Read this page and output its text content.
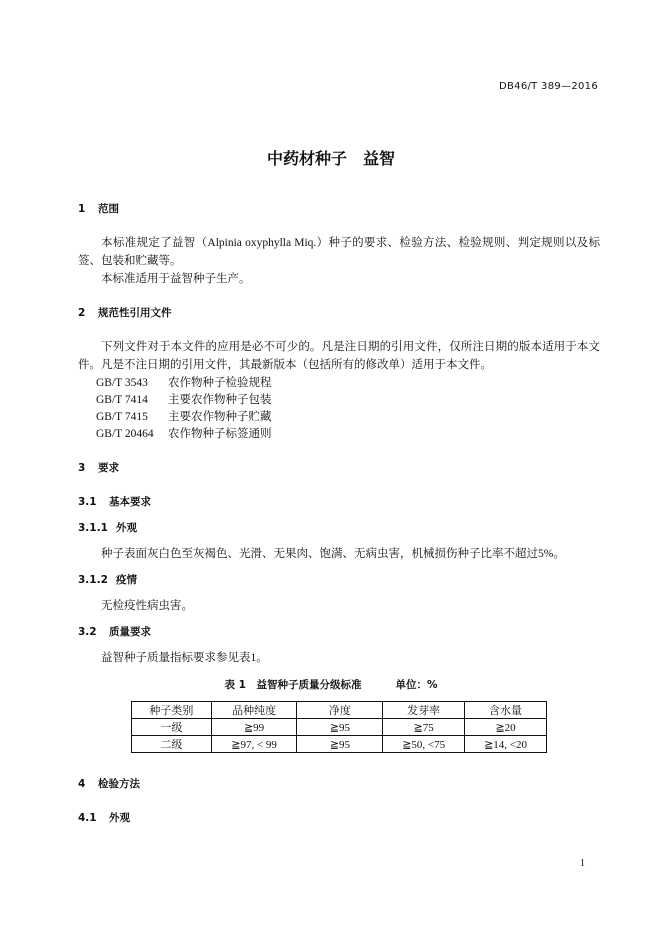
DB46/T 389—2016
中药材种子　益智
1 范围
本标准规定了益智（Alpinia oxyphylla Miq.）种子的要求、检验方法、检验规则、判定规则以及标签、包装和贮藏等。
本标准适用于益智种子生产。
2 规范性引用文件
下列文件对于本文件的应用是必不可少的。凡是注日期的引用文件，仅所注日期的版本适用于本文件。凡是不注日期的引用文件，其最新版本（包括所有的修改单）适用于本文件。
GB/T 3543 农作物种子检验规程
GB/T 7414 主要农作物种子包装
GB/T 7415 主要农作物种子贮藏
GB/T 20464 农作物种子标签通则
3 要求
3.1 基本要求
3.1.1 外观
种子表面灰白色至灰褐色、光滑、无果肉、饱满、无病虫害，机械损伤种子比率不超过5%。
3.1.2 疫情
无检疫性病虫害。
3.2 质量要求
益智种子质量指标要求参见表1。
表 1　益智种子质量分级标准	单位：%
种子类别	品种纯度	净度	发芽率	含水量
一级	≧99	≧95	≧75	≧20
二级	≧97, < 99	≧95	≧50, <75	≧14, <20
4 检验方法
4.1 外观
1
